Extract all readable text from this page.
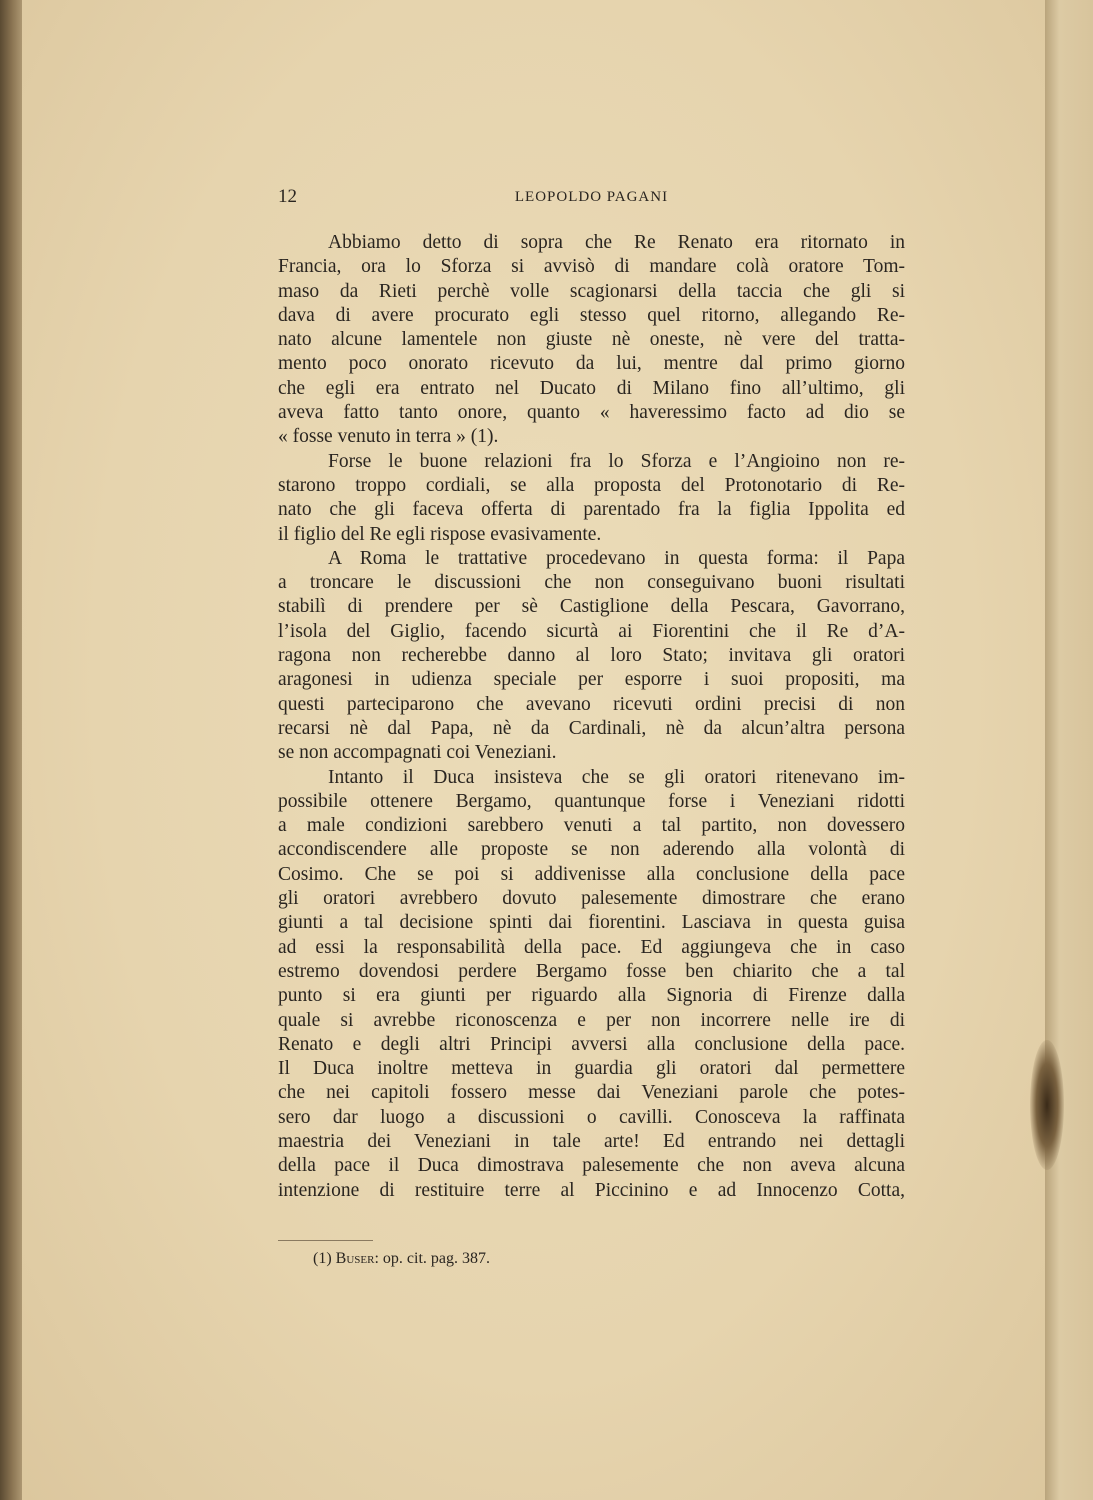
12	LEOPOLDO PAGANI
Abbiamo detto di sopra che Re Renato era ritornato in
Francia, ora lo Sforza si avvisò di mandare colà oratore Tom-
maso da Rieti perchè volle scagionarsi della taccia che gli si
dava di avere procurato egli stesso quel ritorno, allegando Re-
nato alcune lamentele non giuste nè oneste, nè vere del tratta-
mento poco onorato ricevuto da lui, mentre dal primo giorno
che egli era entrato nel Ducato di Milano fino all’ultimo, gli
aveva fatto tanto onore, quanto « haveressimo facto ad dio se
« fosse venuto in terra » (1).
Forse le buone relazioni fra lo Sforza e l’Angioino non re-
starono troppo cordiali, se alla proposta del Protonotario di Re-
nato che gli faceva offerta di parentado fra la figlia Ippolita ed
il figlio del Re egli rispose evasivamente.
A Roma le trattative procedevano in questa forma: il Papa
a troncare le discussioni che non conseguivano buoni risultati
stabilì di prendere per sè Castiglione della Pescara, Gavorrano,
l’isola del Giglio, facendo sicurtà ai Fiorentini che il Re d’A-
ragona non recherebbe danno al loro Stato; invitava gli oratori
aragonesi in udienza speciale per esporre i suoi propositi, ma
questi parteciparono che avevano ricevuti ordini precisi di non
recarsi nè dal Papa, nè da Cardinali, nè da alcun’altra persona
se non accompagnati coi Veneziani.
Intanto il Duca insisteva che se gli oratori ritenevano im-
possibile ottenere Bergamo, quantunque forse i Veneziani ridotti
a male condizioni sarebbero venuti a tal partito, non dovessero
accondiscendere alle proposte se non aderendo alla volontà di
Cosimo. Che se poi si addivenisse alla conclusione della pace
gli oratori avrebbero dovuto palesemente dimostrare che erano
giunti a tal decisione spinti dai fiorentini. Lasciava in questa guisa
ad essi la responsabilità della pace. Ed aggiungeva che in caso
estremo dovendosi perdere Bergamo fosse ben chiarito che a tal
punto si era giunti per riguardo alla Signoria di Firenze dalla
quale si avrebbe riconoscenza e per non incorrere nelle ire di
Renato e degli altri Principi avversi alla conclusione della pace.
Il Duca inoltre metteva in guardia gli oratori dal permettere
che nei capitoli fossero messe dai Veneziani parole che potes-
sero dar luogo a discussioni o cavilli. Conosceva la raffinata
maestria dei Veneziani in tale arte! Ed entrando nei dettagli
della pace il Duca dimostrava palesemente che non aveva alcuna
intenzione di restituire terre al Piccinino e ad Innocenzo Cotta,
(1) Buser: op. cit. pag. 387.
